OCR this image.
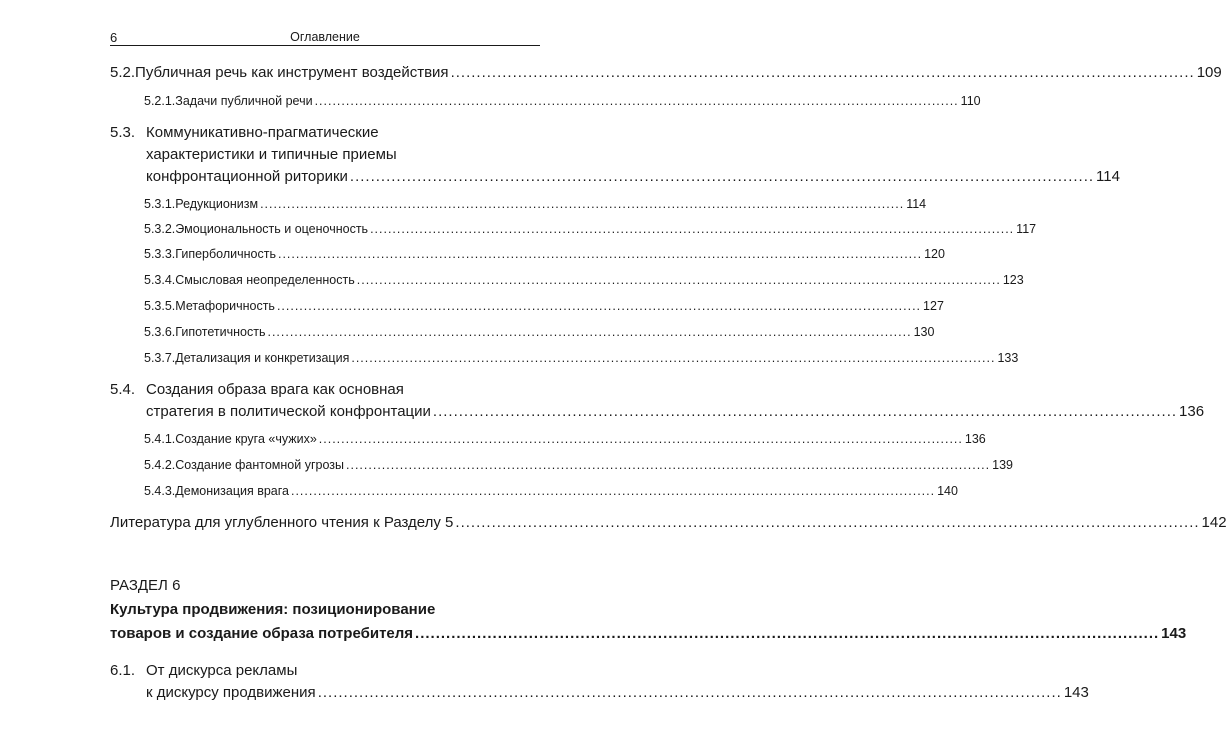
6	Оглавление
5.2. Публичная речь как инструмент воздействия ................................................................................................................................................ 109
5.2.1. Задачи публичной речи ................................................................................................................................................ 110
5.3. Коммуникативно-прагматические
характеристики и типичные приемы
конфронтационной риторики ................................................................................................................................................ 114
5.3.1. Редукционизм ................................................................................................................................................ 114
5.3.2. Эмоциональность и оценочность ................................................................................................................................................ 117
5.3.3. Гиперболичность ................................................................................................................................................ 120
5.3.4. Смысловая неопределенность ................................................................................................................................................ 123
5.3.5. Метафоричность ................................................................................................................................................ 127
5.3.6. Гипотетичность ................................................................................................................................................ 130
5.3.7. Детализация и конкретизация ................................................................................................................................................ 133
5.4. Создания образа врага как основная
стратегия в политической конфронтации ................................................................................................................................................ 136
5.4.1. Создание круга «чужих» ................................................................................................................................................ 136
5.4.2. Создание фантомной угрозы ................................................................................................................................................ 139
5.4.3. Демонизация врага ................................................................................................................................................ 140
Литература для углубленного чтения к Разделу 5 ................................................................................................................................................ 142
РАЗДЕЛ 6
Культура продвижения: позиционирование
товаров и создание образа потребителя ................................................................................................................................................ 143
6.1. От дискурса рекламы
к дискурсу продвижения ................................................................................................................................................ 143
